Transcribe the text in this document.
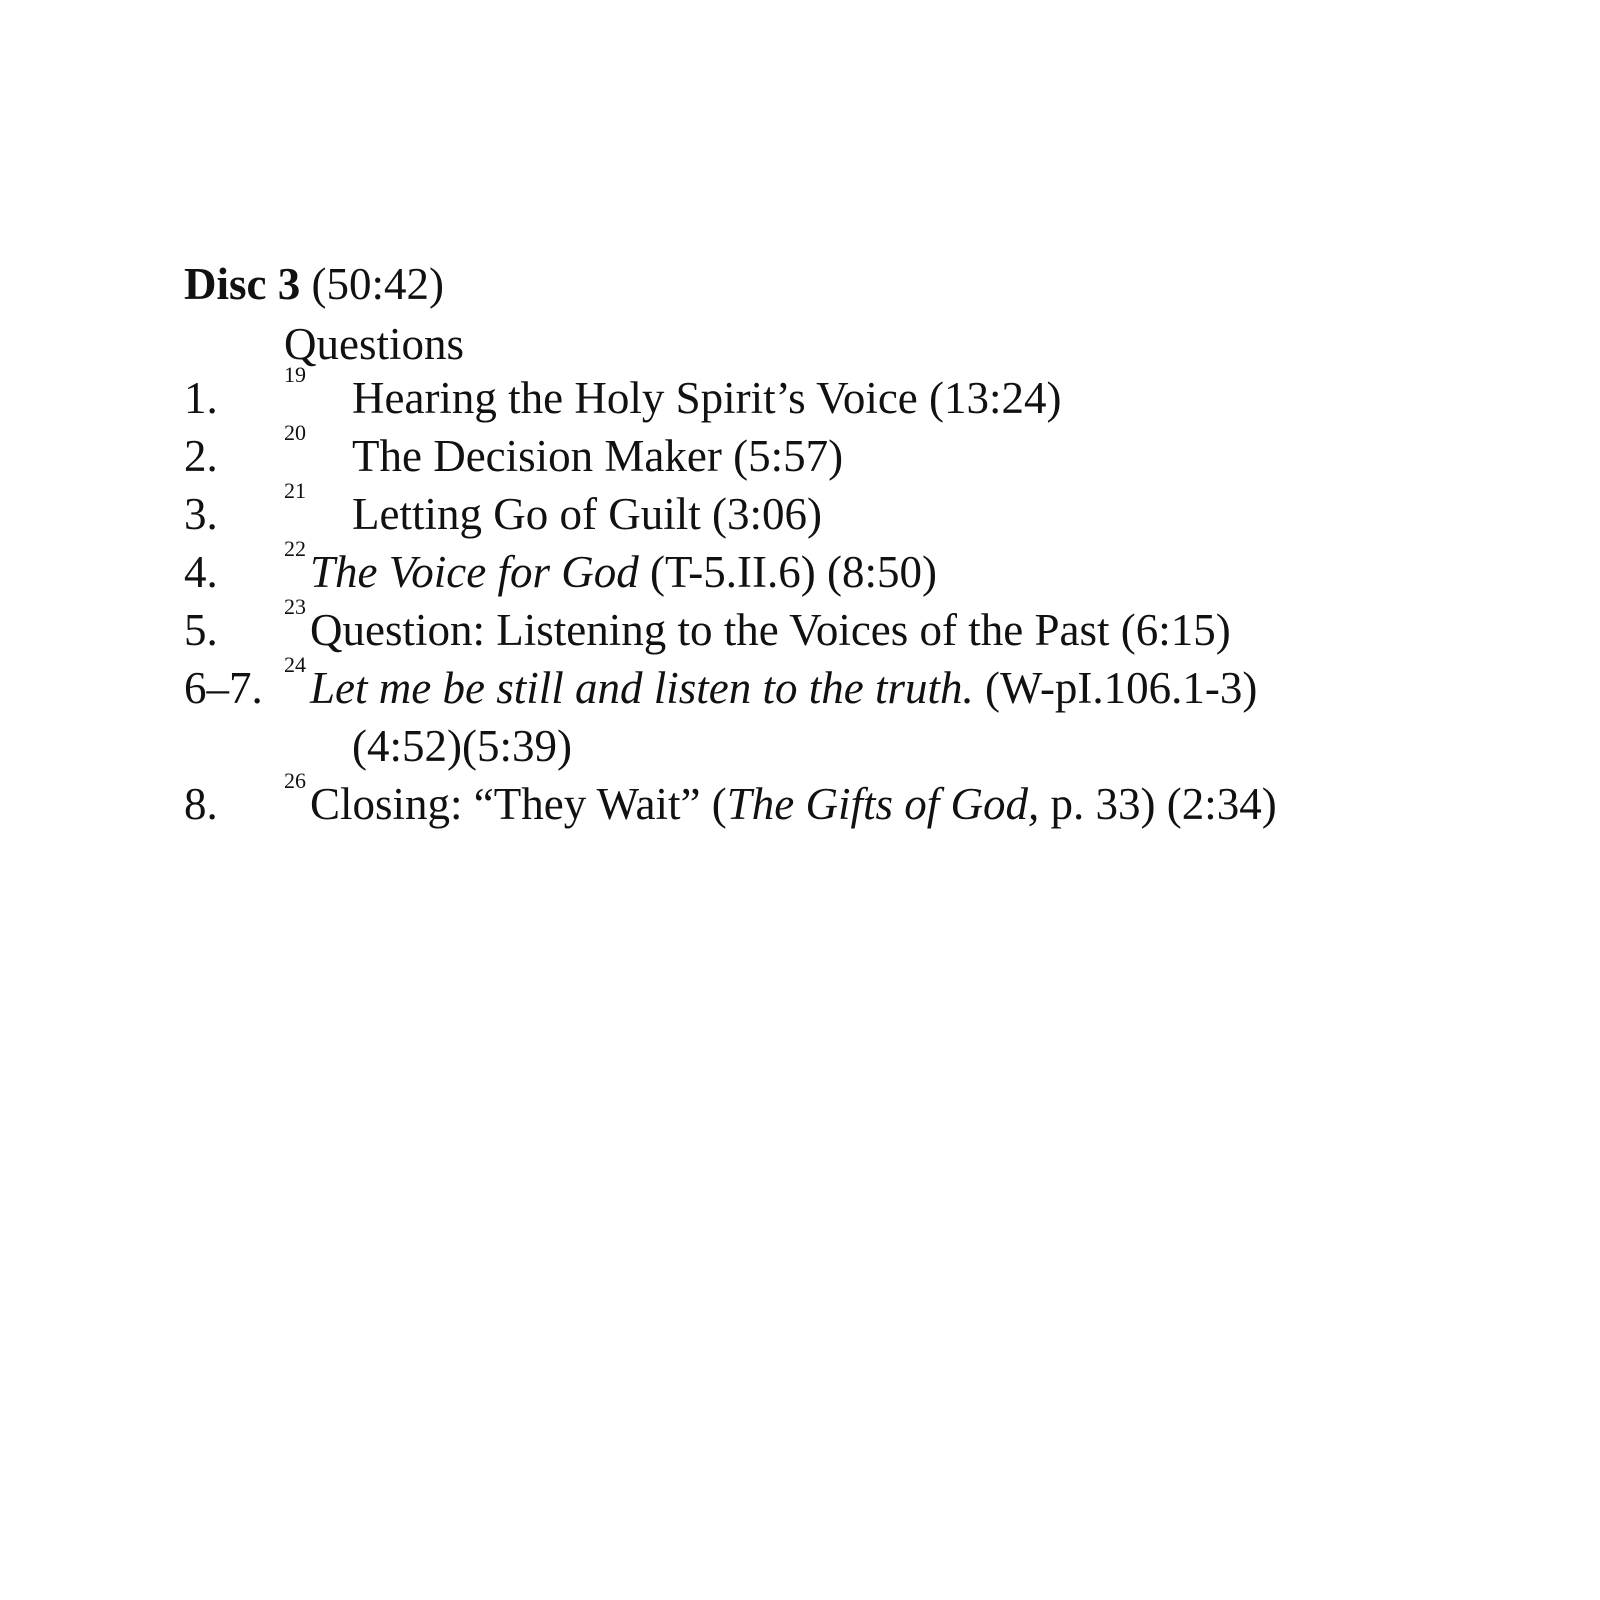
Disc 3 (50:42)
Questions
1.	19 Hearing the Holy Spirit’s Voice (13:24)
2.	20 The Decision Maker (5:57)
3.	21 Letting Go of Guilt (3:06)
4.	22 The Voice for God (T-5.II.6) (8:50)
5.	23 Question: Listening to the Voices of the Past (6:15)
6–7. 24 Let me be still and listen to the truth. (W-pI.106.1-3)
(4:52)(5:39)
8.	26 Closing: “They Wait” (The Gifts of God, p. 33) (2:34)
